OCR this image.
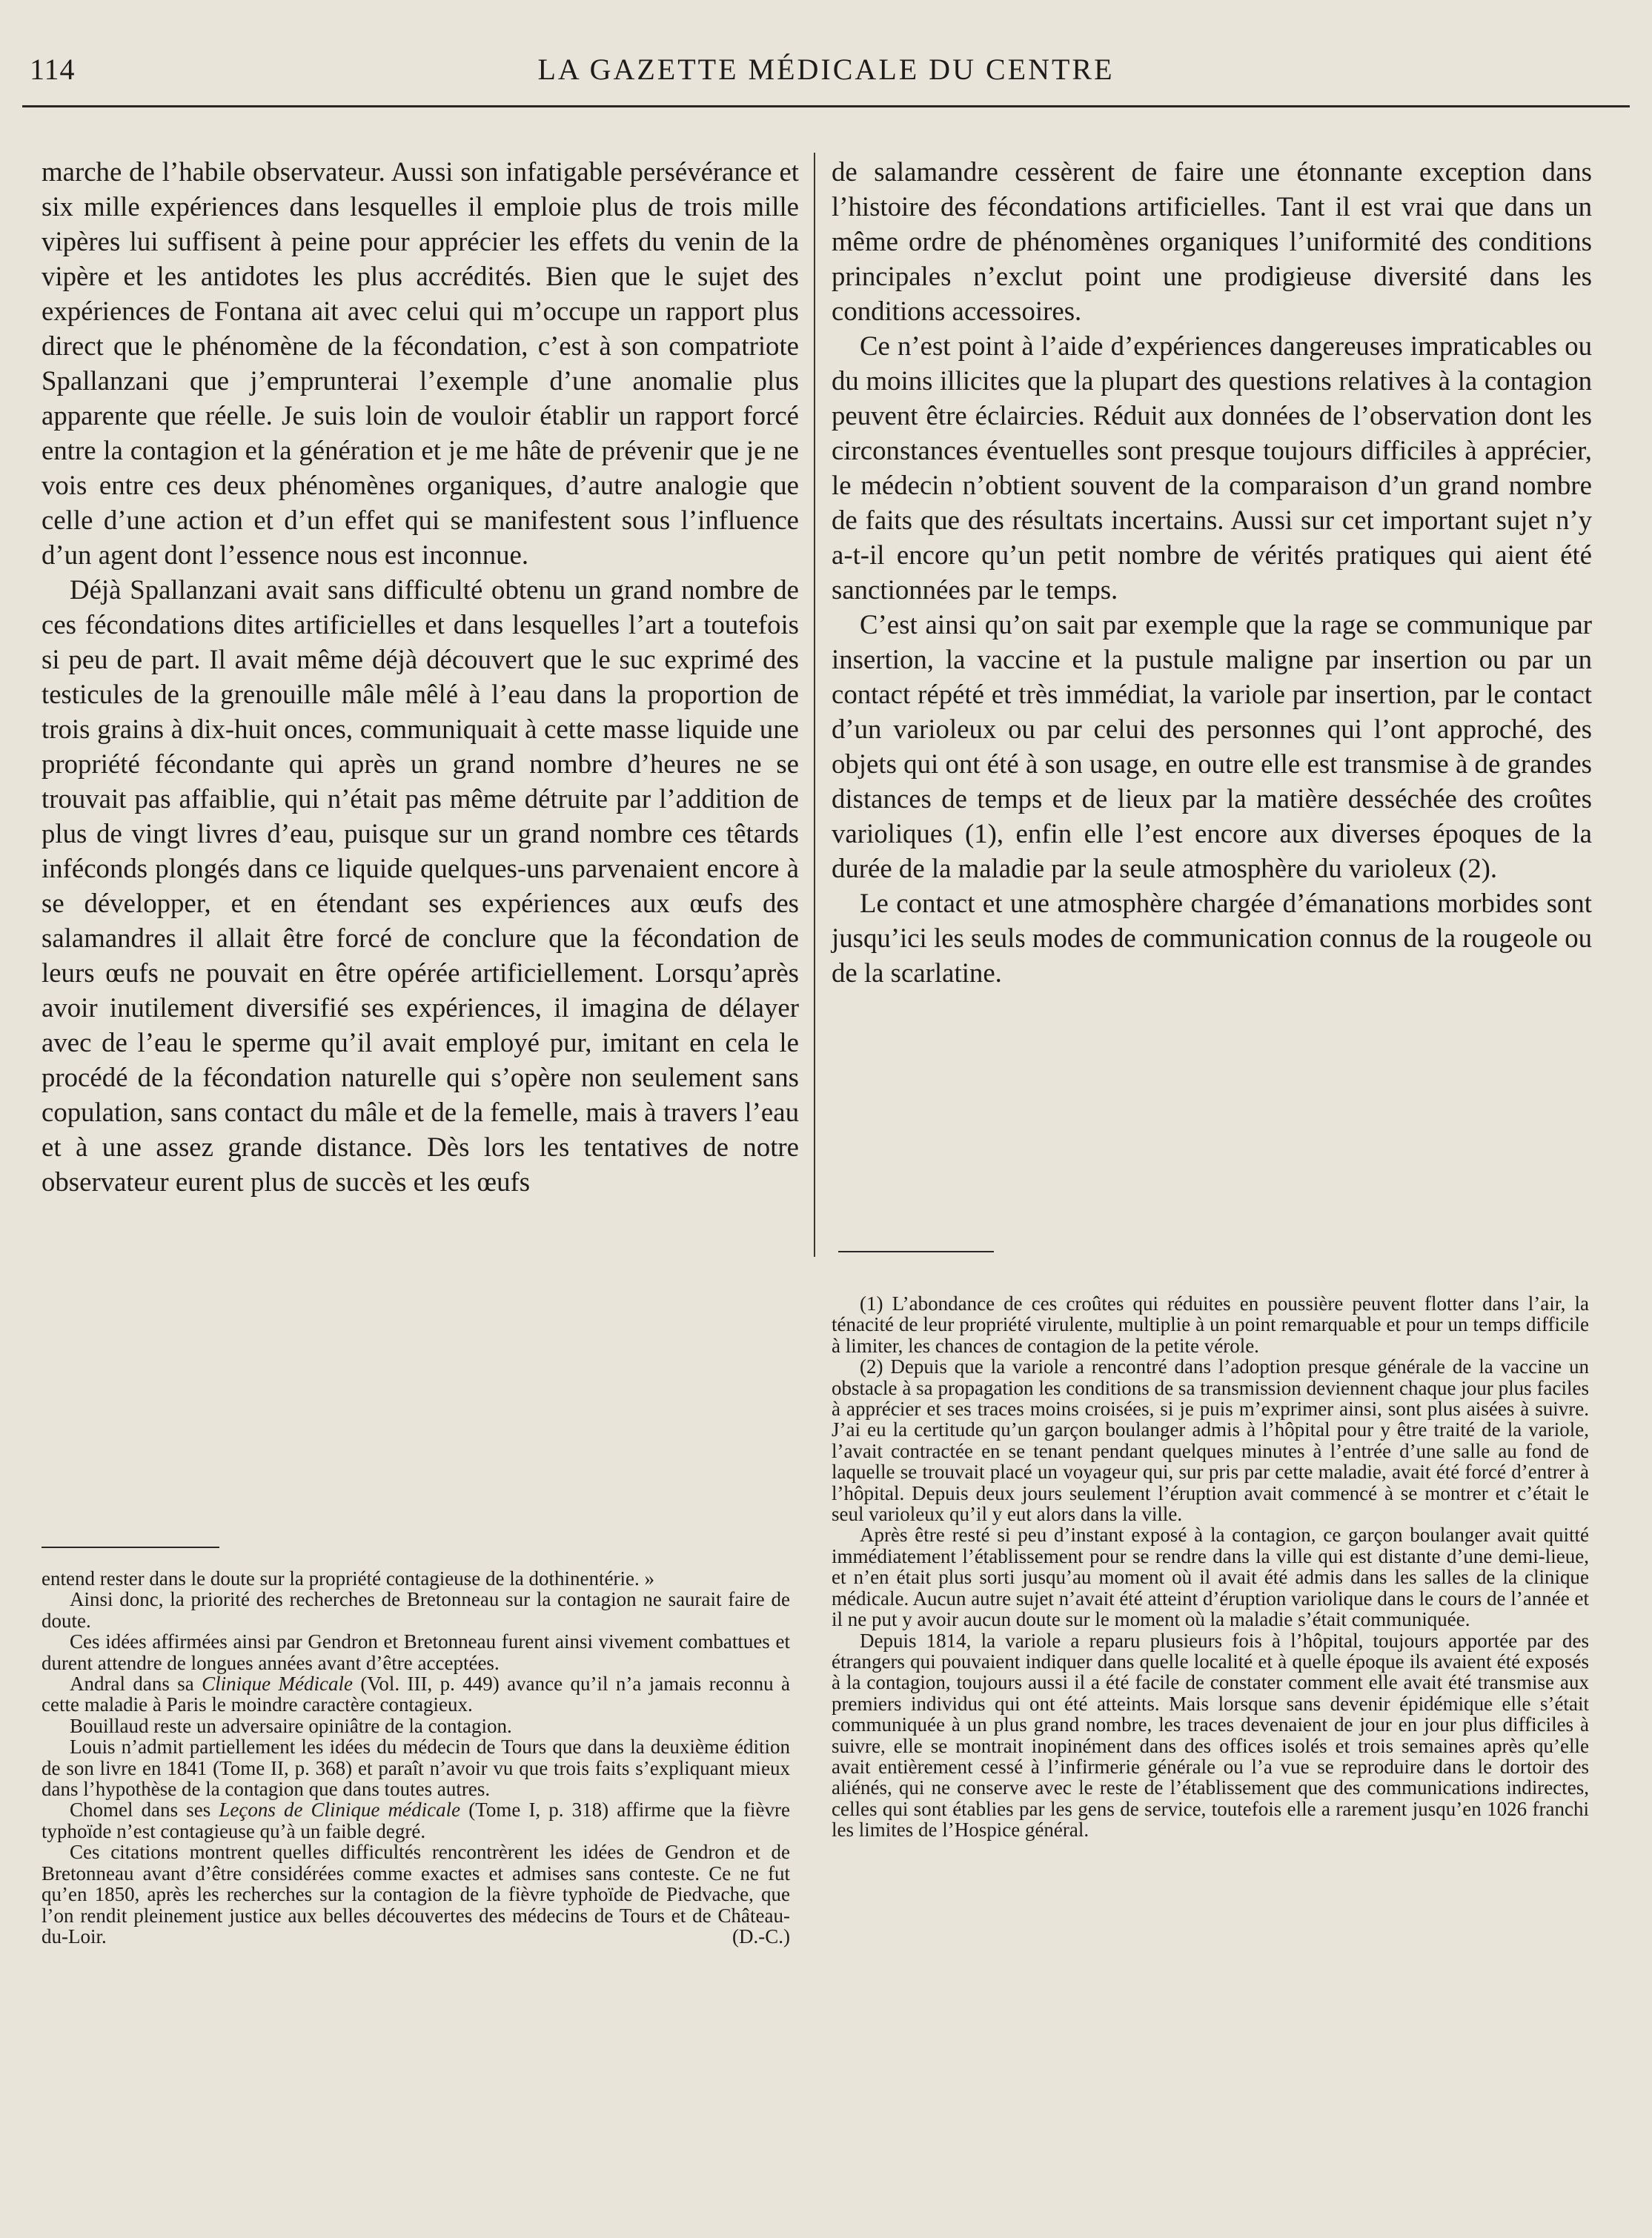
114	LA GAZETTE MÉDICALE DU CENTRE

marche de l’habile observateur. Aussi son infatigable persévérance et six mille expériences dans lesquelles il emploie plus de trois mille vipères lui suffisent à peine pour apprécier les effets du venin de la vipère et les antidotes les plus accrédités. Bien que le sujet des expériences de Fontana ait avec celui qui m’occupe un rapport plus direct que le phénomène de la fécondation, c’est à son compatriote Spallanzani que j’emprunterai l’exemple d’une anomalie plus apparente que réelle. Je suis loin de vouloir établir un rapport forcé entre la contagion et la génération et je me hâte de prévenir que je ne vois entre ces deux phénomènes organiques, d’autre analogie que celle d’une action et d’un effet qui se manifestent sous l’influence d’un agent dont l’essence nous est inconnue.

Déjà Spallanzani avait sans difficulté obtenu un grand nombre de ces fécondations dites artificielles et dans lesquelles l’art a toutefois si peu de part. Il avait même déjà découvert que le suc exprimé des testicules de la grenouille mâle mêlé à l’eau dans la proportion de trois grains à dix-huit onces, communiquait à cette masse liquide une propriété fécondante qui après un grand nombre d’heures ne se trouvait pas affaiblie, qui n’était pas même détruite par l’addition de plus de vingt livres d’eau, puisque sur un grand nombre ces têtards inféconds plongés dans ce liquide quelques-uns parvenaient encore à se développer, et en étendant ses expériences aux œufs des salamandres il allait être forcé de conclure que la fécondation de leurs œufs ne pouvait en être opérée artificiellement. Lorsqu’après avoir inutilement diversifié ses expériences, il imagina de délayer avec de l’eau le sperme qu’il avait employé pur, imitant en cela le procédé de la fécondation naturelle qui s’opère non seulement sans copulation, sans contact du mâle et de la femelle, mais à travers l’eau et à une assez grande distance. Dès lors les tentatives de notre observateur eurent plus de succès et les œufs

entend rester dans le doute sur la propriété contagieuse de la dothinentérie. »

Ainsi donc, la priorité des recherches de Bretonneau sur la contagion ne saurait faire de doute.

Ces idées affirmées ainsi par Gendron et Bretonneau furent ainsi vivement combattues et durent attendre de longues années avant d’être acceptées.

Andral dans sa Clinique Médicale (Vol. III, p. 449) avance qu’il n’a jamais reconnu à cette maladie à Paris le moindre caractère contagieux.

Bouillaud reste un adversaire opiniâtre de la contagion.

Louis n’admit partiellement les idées du médecin de Tours que dans la deuxième édition de son livre en 1841 (Tome II, p. 368) et paraît n’avoir vu que trois faits s’expliquant mieux dans l’hypothèse de la contagion que dans toutes autres.

Chomel dans ses Leçons de Clinique médicale (Tome I, p. 318) affirme que la fièvre typhoïde n’est contagieuse qu’à un faible degré.

Ces citations montrent quelles difficultés rencontrèrent les idées de Gendron et de Bretonneau avant d’être considérées comme exactes et admises sans conteste. Ce ne fut qu’en 1850, après les recherches sur la contagion de la fièvre typhoïde de Piedvache, que l’on rendit pleinement justice aux belles découvertes des médecins de Tours et de Château-du-Loir.	(D.-C.)

de salamandre cessèrent de faire une étonnante exception dans l’histoire des fécondations artificielles. Tant il est vrai que dans un même ordre de phénomènes organiques l’uniformité des conditions principales n’exclut point une prodigieuse diversité dans les conditions accessoires.

Ce n’est point à l’aide d’expériences dangereuses impraticables ou du moins illicites que la plupart des questions relatives à la contagion peuvent être éclaircies. Réduit aux données de l’observation dont les circonstances éventuelles sont presque toujours difficiles à apprécier, le médecin n’obtient souvent de la comparaison d’un grand nombre de faits que des résultats incertains. Aussi sur cet important sujet n’y a-t-il encore qu’un petit nombre de vérités pratiques qui aient été sanctionnées par le temps.

C’est ainsi qu’on sait par exemple que la rage se communique par insertion, la vaccine et la pustule maligne par insertion ou par un contact répété et très immédiat, la variole par insertion, par le contact d’un varioleux ou par celui des personnes qui l’ont approché, des objets qui ont été à son usage, en outre elle est transmise à de grandes distances de temps et de lieux par la matière desséchée des croûtes varioliques (1), enfin elle l’est encore aux diverses époques de la durée de la maladie par la seule atmosphère du varioleux (2).

Le contact et une atmosphère chargée d’émanations morbides sont jusqu’ici les seuls modes de communication connus de la rougeole ou de la scarlatine.

(1) L’abondance de ces croûtes qui réduites en poussière peuvent flotter dans l’air, la ténacité de leur propriété virulente, multiplie à un point remarquable et pour un temps difficile à limiter, les chances de contagion de la petite vérole.

(2) Depuis que la variole a rencontré dans l’adoption presque générale de la vaccine un obstacle à sa propagation les conditions de sa transmission deviennent chaque jour plus faciles à apprécier et ses traces moins croisées, si je puis m’exprimer ainsi, sont plus aisées à suivre. J’ai eu la certitude qu’un garçon boulanger admis à l’hôpital pour y être traité de la variole, l’avait contractée en se tenant pendant quelques minutes à l’entrée d’une salle au fond de laquelle se trouvait placé un voyageur qui, sur pris par cette maladie, avait été forcé d’entrer à l’hôpital. Depuis deux jours seulement l’éruption avait commencé à se montrer et c’était le seul varioleux qu’il y eut alors dans la ville.

Après être resté si peu d’instant exposé à la contagion, ce garçon boulanger avait quitté immédiatement l’établissement pour se rendre dans la ville qui est distante d’une demi-lieue, et n’en était plus sorti jusqu’au moment où il avait été admis dans les salles de la clinique médicale. Aucun autre sujet n’avait été atteint d’éruption variolique dans le cours de l’année et il ne put y avoir aucun doute sur le moment où la maladie s’était communiquée.

Depuis 1814, la variole a reparu plusieurs fois à l’hôpital, toujours apportée par des étrangers qui pouvaient indiquer dans quelle localité et à quelle époque ils avaient été exposés à la contagion, toujours aussi il a été facile de constater comment elle avait été transmise aux premiers individus qui ont été atteints. Mais lorsque sans devenir épidémique elle s’était communiquée à un plus grand nombre, les traces devenaient de jour en jour plus difficiles à suivre, elle se montrait inopinément dans des offices isolés et trois semaines après qu’elle avait entièrement cessé à l’infirmerie générale ou l’a vue se reproduire dans le dortoir des aliénés, qui ne conserve avec le reste de l’établissement que des communications indirectes, celles qui sont établies par les gens de service, toutefois elle a rarement jusqu’en 1026 franchi les limites de l’Hospice général.
